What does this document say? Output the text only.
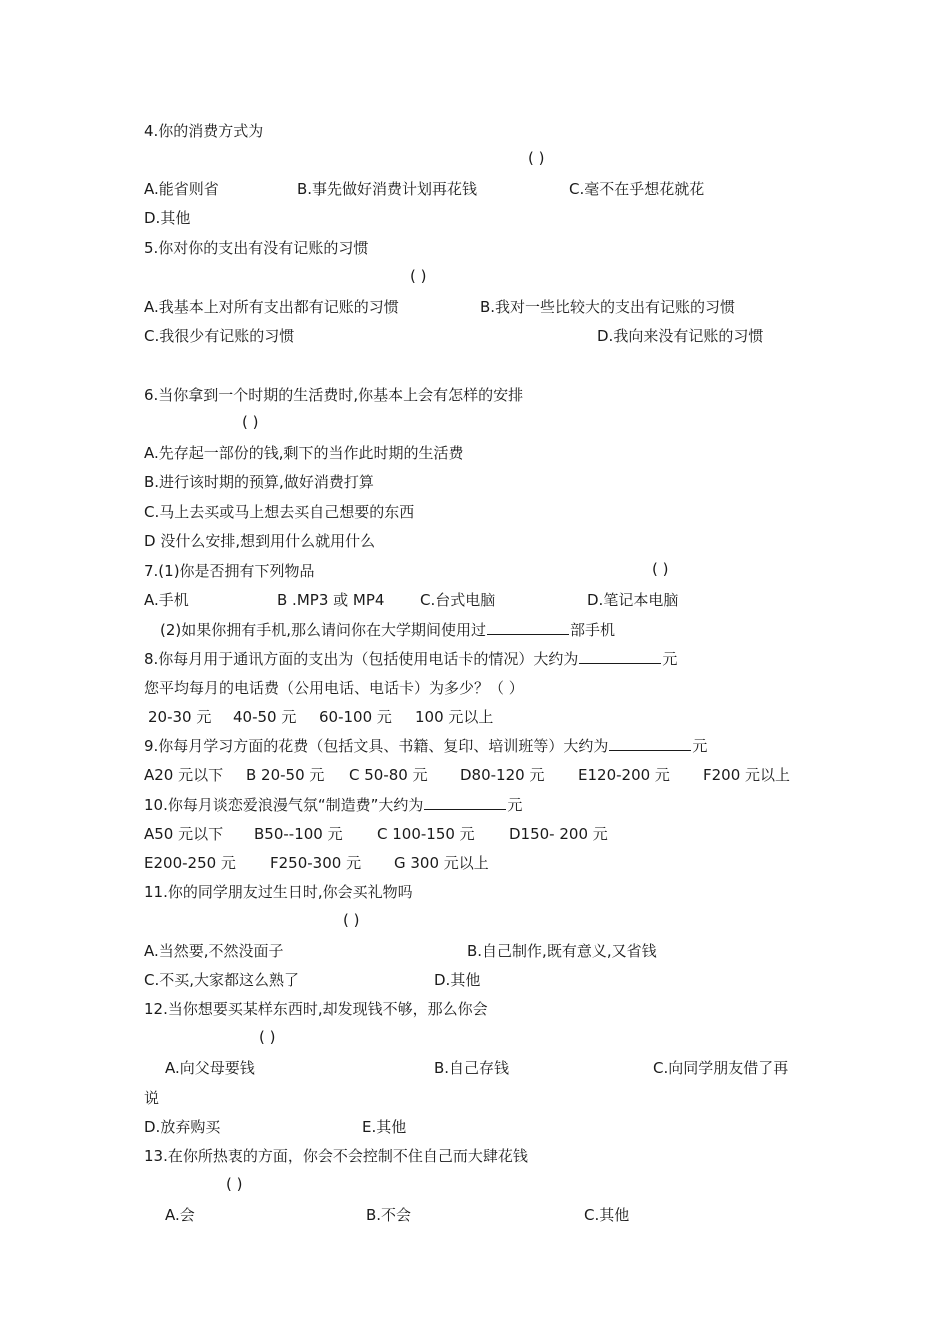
4.你的消费方式为
( )
A.能省则省	B.事先做好消费计划再花钱	C.毫不在乎想花就花
D.其他
5.你对你的支出有没有记账的习惯
( )
A.我基本上对所有支出都有记账的习惯	B.我对一些比较大的支出有记账的习惯
C.我很少有记账的习惯	D.我向来没有记账的习惯
6.当你拿到一个时期的生活费时,你基本上会有怎样的安排
( )
A.先存起一部份的钱,剩下的当作此时期的生活费
B.进行该时期的预算,做好消费打算
C.马上去买或马上想去买自己想要的东西
D 没什么安排,想到用什么就用什么
7.(1)你是否拥有下列物品	( )
A.手机	B .MP3 或 MP4 C.台式电脑	D.笔记本电脑
(2)如果你拥有手机,那么请问你在大学期间使用过	部手机
8.你每月用于通讯方面的支出为（包括使用电话卡的情况）大约为	元
您平均每月的电话费（公用电话、电话卡）为多少？（ ）
20-30 元 40-50 元 60-100 元 100 元以上
9.你每月学习方面的花费（包括文具、书籍、复印、培训班等）大约为	元
A20 元以下 B 20-50 元 C 50-80 元 D80-120 元 E120-200 元 F200 元以上
10.你每月谈恋爱浪漫气氛“制造费”大约为	元
A50 元以下 B50--100 元 C 100-150 元 D150- 200 元
E200-250 元 F250-300 元 G 300 元以上
11.你的同学朋友过生日时,你会买礼物吗
( )
A.当然要,不然没面子	B.自己制作,既有意义,又省钱
C.不买,大家都这么熟了	D.其他
12.当你想要买某样东西时,却发现钱不够，那么你会
( )
A.向父母要钱	B.自己存钱	C.向同学朋友借了再
说
D.放弃购买	E.其他
13.在你所热衷的方面，你会不会控制不住自己而大肆花钱
( )
A.会	B.不会	C.其他
